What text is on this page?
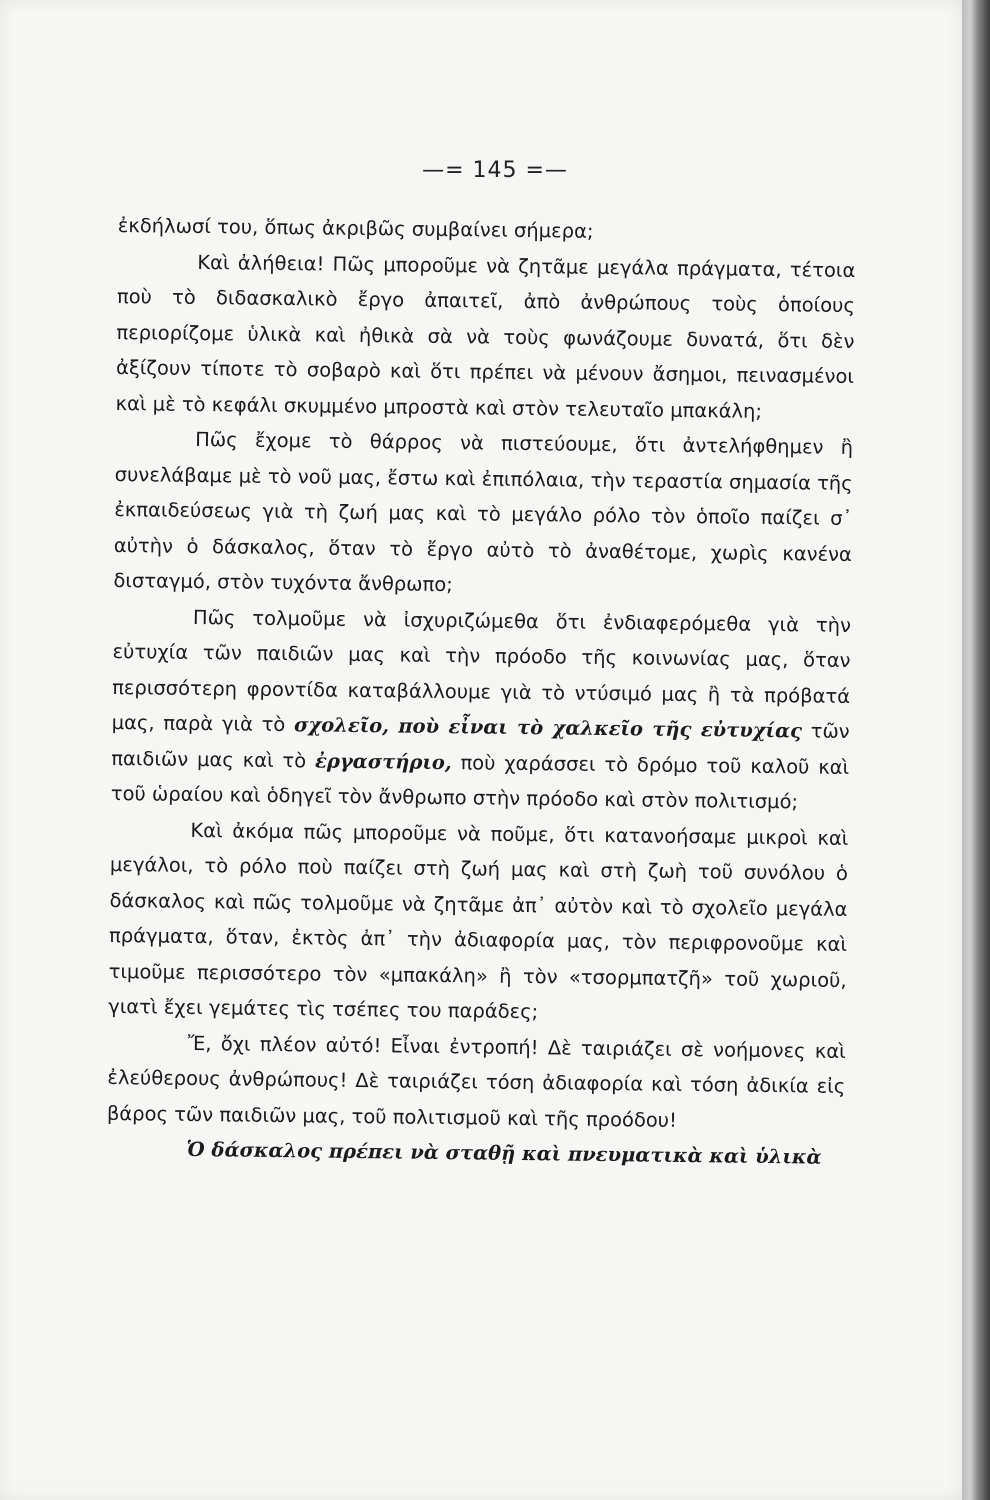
—= 145 =—

ἐκδήλωσί του, ὅπως ἀκριβῶς συμβαίνει σήμερα;

Καὶ ἀλήθεια! Πῶς μποροῦμε νὰ ζητᾶμε μεγάλα πράγματα, τέτοια ποὺ τὸ διδασκαλικὸ ἔργο ἀπαιτεῖ, ἀπὸ ἀνθρώπους τοὺς ὁποίους περιορίζομε ὑλικὰ καὶ ἠθικὰ σὰ νὰ τοὺς φωνάζουμε δυνατά, ὅτι δὲν ἀξίζουν τίποτε τὸ σοβαρὸ καὶ ὅτι πρέπει νὰ μένουν ἄσημοι, πεινασμένοι καὶ μὲ τὸ κεφάλι σκυμμένο μπροστὰ καὶ στὸν τελευταῖο μπακάλη;

Πῶς ἔχομε τὸ θάρρος νὰ πιστεύουμε, ὅτι ἀντελήφθημεν ἢ συνελάβαμε μὲ τὸ νοῦ μας, ἔστω καὶ ἐπιπόλαια, τὴν τεραστία σημασία τῆς ἐκπαιδεύσεως γιὰ τὴ ζωή μας καὶ τὸ μεγάλο ρόλο τὸν ὁποῖο παίζει σ᾽ αὐτὴν ὁ δάσκαλος, ὅταν τὸ ἔργο αὐτὸ τὸ ἀναθέτομε, χωρὶς κανένα δισταγμό, στὸν τυχόντα ἄνθρωπο;

Πῶς τολμοῦμε νὰ ἰσχυριζώμεθα ὅτι ἐνδιαφερόμεθα γιὰ τὴν εὐτυχία τῶν παιδιῶν μας καὶ τὴν πρόοδο τῆς κοινωνίας μας, ὅταν περισσότερη φροντίδα καταβάλλουμε γιὰ τὸ ντύσιμό μας ἢ τὰ πρόβατά μας, παρὰ γιὰ τὸ σχολεῖο, ποὺ εἶναι τὸ χαλκεῖο τῆς εὐτυχίας τῶν παιδιῶν μας καὶ τὸ ἐργαστήριο, ποὺ χαράσσει τὸ δρόμο τοῦ καλοῦ καὶ τοῦ ὡραίου καὶ ὁδηγεῖ τὸν ἄνθρωπο στὴν πρόοδο καὶ στὸν πολιτισμό;

Καὶ ἀκόμα πῶς μποροῦμε νὰ ποῦμε, ὅτι κατανοήσαμε μικροὶ καὶ μεγάλοι, τὸ ρόλο ποὺ παίζει στὴ ζωή μας καὶ στὴ ζωὴ τοῦ συνόλου ὁ δάσκαλος καὶ πῶς τολμοῦμε νὰ ζητᾶμε ἀπ᾽ αὐτὸν καὶ τὸ σχολεῖο μεγάλα πράγματα, ὅταν, ἐκτὸς ἀπ᾽ τὴν ἀδιαφορία μας, τὸν περιφρονοῦμε καὶ τιμοῦμε περισσότερο τὸν «μπακάλη» ἢ τὸν «τσορμπατζῆ» τοῦ χωριοῦ, γιατὶ ἔχει γεμάτες τὶς τσέπες του παράδες;

Ἔ, ὄχι πλέον αὐτό! Εἶναι ἐντροπή! Δὲ ταιριάζει σὲ νοήμονες καὶ ἐλεύθερους ἀνθρώπους! Δὲ ταιριάζει τόση ἀδιαφορία καὶ τόση ἀδικία εἰς βάρος τῶν παιδιῶν μας, τοῦ πολιτισμοῦ καὶ τῆς προόδου!

Ὁ δάσκαλος πρέπει νὰ σταθῇ καὶ πνευματικὰ καὶ ὑλικὰ
